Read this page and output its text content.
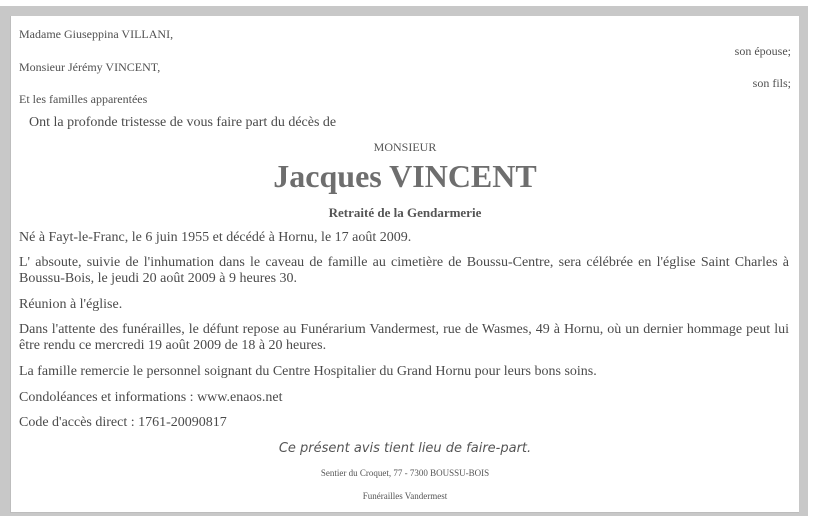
Madame Giuseppina VILLANI,
son épouse;
Monsieur Jérémy VINCENT,
son fils;
Et les familles apparentées
Ont la profonde tristesse de vous faire part du décès de
MONSIEUR
Jacques VINCENT
Retraité de la Gendarmerie
Né à Fayt-le-Franc, le 6 juin 1955 et décédé à Hornu, le 17 août 2009.
L' absoute, suivie de l'inhumation dans le caveau de famille au cimetière de Boussu-Centre, sera célébrée en l'église Saint Charles à Boussu-Bois, le jeudi 20 août 2009 à 9 heures 30.
Réunion à l'église.
Dans l'attente des funérailles, le défunt repose au Funérarium Vandermest, rue de Wasmes, 49 à Hornu, où un dernier hommage peut lui être rendu ce mercredi 19 août 2009 de 18 à 20 heures.
La famille remercie le personnel soignant du Centre Hospitalier du Grand Hornu pour leurs bons soins.
Condoléances et informations : www.enaos.net
Code d'accès direct : 1761-20090817
Ce présent avis tient lieu de faire-part.
Sentier du Croquet, 77 - 7300 BOUSSU-BOIS
Funérailles Vandermest
